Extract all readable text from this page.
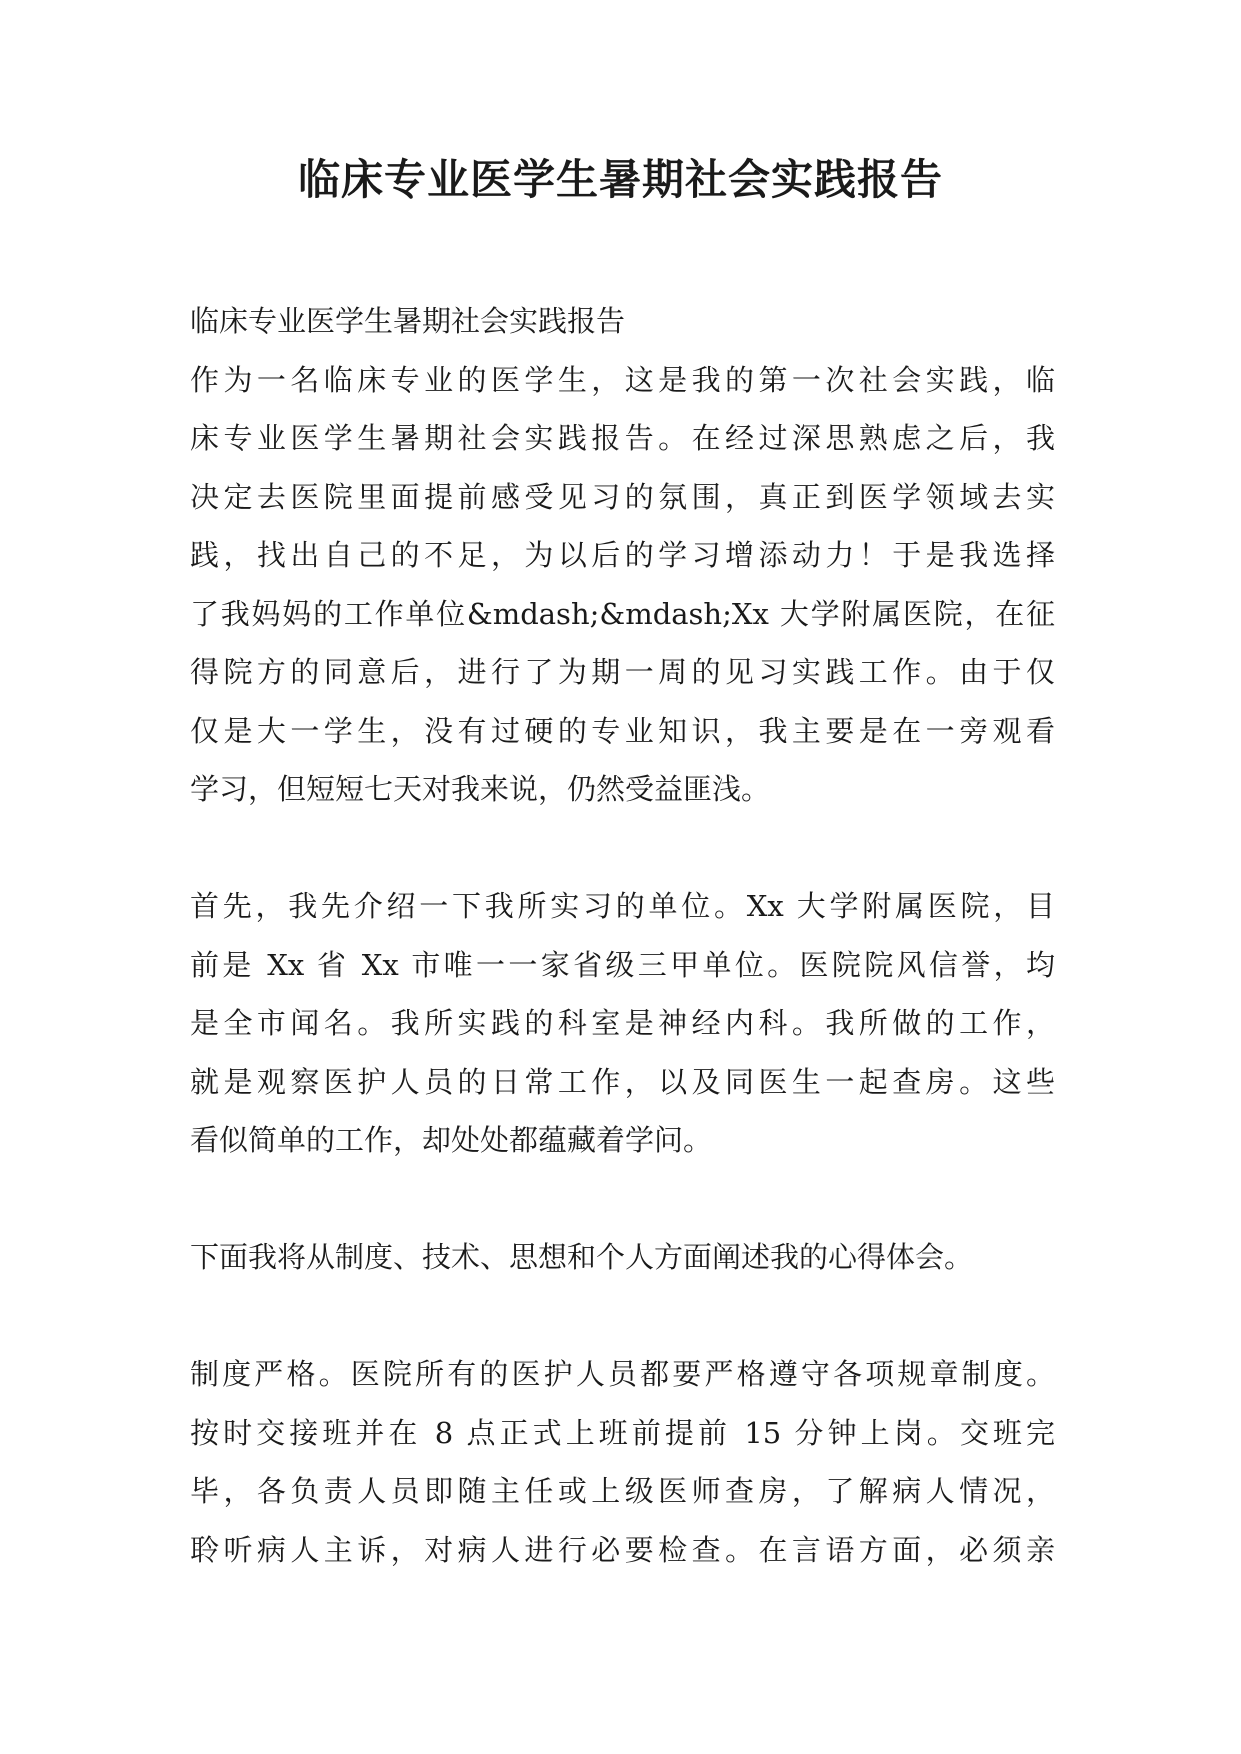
临床专业医学生暑期社会实践报告
临床专业医学生暑期社会实践报告
作为一名临床专业的医学生，这是我的第一次社会实践，临
床专业医学生暑期社会实践报告。在经过深思熟虑之后，我
决定去医院里面提前感受见习的氛围，真正到医学领域去实
践，找出自己的不足，为以后的学习增添动力！于是我选择
了我妈妈的工作单位&mdash;&mdash;Xx 大学附属医院，在征
得院方的同意后，进行了为期一周的见习实践工作。由于仅
仅是大一学生，没有过硬的专业知识，我主要是在一旁观看
学习，但短短七天对我来说，仍然受益匪浅。
首先，我先介绍一下我所实习的单位。Xx 大学附属医院，目
前是 Xx 省 Xx 市唯一一家省级三甲单位。医院院风信誉，均
是全市闻名。我所实践的科室是神经内科。我所做的工作，
就是观察医护人员的日常工作，以及同医生一起查房。这些
看似简单的工作，却处处都蕴藏着学问。
下面我将从制度、技术、思想和个人方面阐述我的心得体会。
制度严格。医院所有的医护人员都要严格遵守各项规章制度。
按时交接班并在 8 点正式上班前提前 15 分钟上岗。交班完
毕，各负责人员即随主任或上级医师查房，了解病人情况，
聆听病人主诉，对病人进行必要检查。在言语方面，必须亲
